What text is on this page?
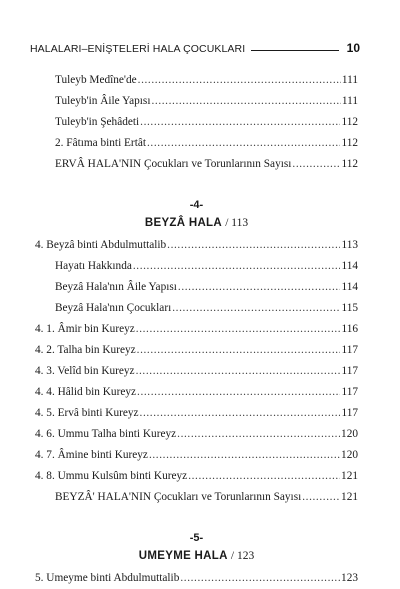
HALALARI–ENİŞTELERİ HALA ÇOCUKLARI	10
Tuleyb Medîne'de .....	111
Tuleyb'in Âile Yapısı .....	111
Tuleyb'in Şehâdeti .....	112
2. Fâtıma binti Ertât .....	112
ERVÂ HALA'NIN Çocukları ve Torunlarının Sayısı .....	112
-4-
BEYZÂ HALA / 113
4. Beyzâ binti Abdulmuttalib .....	113
Hayatı Hakkında .....	114
Beyzâ Hala'nın Âile Yapısı .....	114
Beyzâ Hala'nın Çocukları .....	115
4. 1. Âmir bin Kureyz .....	116
4. 2. Talha bin Kureyz .....	117
4. 3. Velîd bin Kureyz .....	117
4. 4. Hâlid bin Kureyz .....	117
4. 5. Ervâ binti Kureyz .....	117
4. 6. Ummu Talha binti Kureyz .....	120
4. 7. Âmine binti Kureyz .....	120
4. 8. Ummu Kulsûm binti Kureyz .....	121
BEYZÂ' HALA'NIN Çocukları ve Torunlarının Sayısı .....	121
-5-
UMEYME HALA / 123
5. Umeyme binti Abdulmuttalib .....	123
